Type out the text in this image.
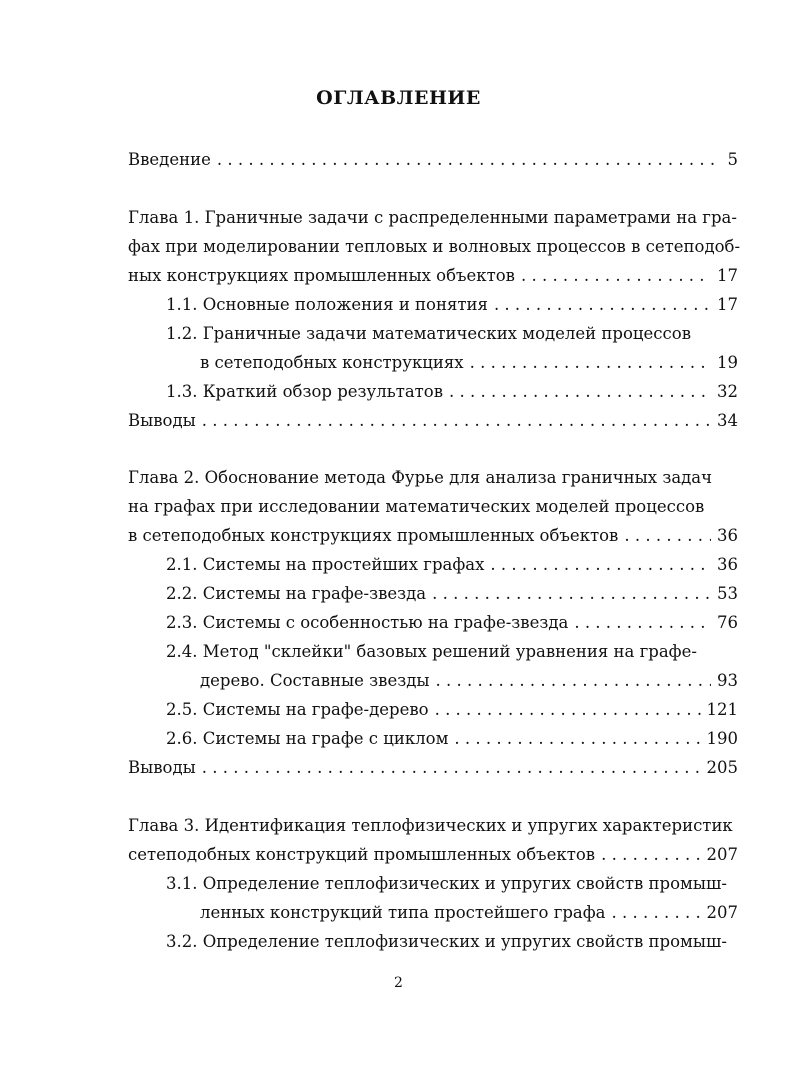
ОГЛАВЛЕНИЕ
Введение . . .	5
Глава 1. Граничные задачи с распределенными параметрами на гра-
фах при моделировании тепловых и волновых процессов в сетеподоб-
ных конструкциях промышленных объектов . . .	17
1.1. Основные положения и понятия . . .	17
1.2. Граничные задачи математических моделей процессов
в сетеподобных конструкциях . . .	19
1.3. Краткий обзор результатов . . .	32
Выводы . . .	34
Глава 2. Обоснование метода Фурье для анализа граничных задач
на графах при исследовании математических моделей процессов
в сетеподобных конструкциях промышленных объектов . . .	36
2.1. Системы на простейших графах . . .	36
2.2. Системы на графе-звезда . . .	53
2.3. Системы с особенностью на графе-звезда . . .	76
2.4. Метод "склейки" базовых решений уравнения на графе-
дерево. Составные звезды . . .	93
2.5. Системы на графе-дерево . . .	121
2.6. Системы на графе с циклом . . .	190
Выводы . . .	205
Глава 3. Идентификация теплофизических и упругих характеристик
сетеподобных конструкций промышленных объектов . . .	207
3.1. Определение теплофизических и упругих свойств промыш-
ленных конструкций типа простейшего графа . . .	207
3.2. Определение теплофизических и упругих свойств промыш-
2
